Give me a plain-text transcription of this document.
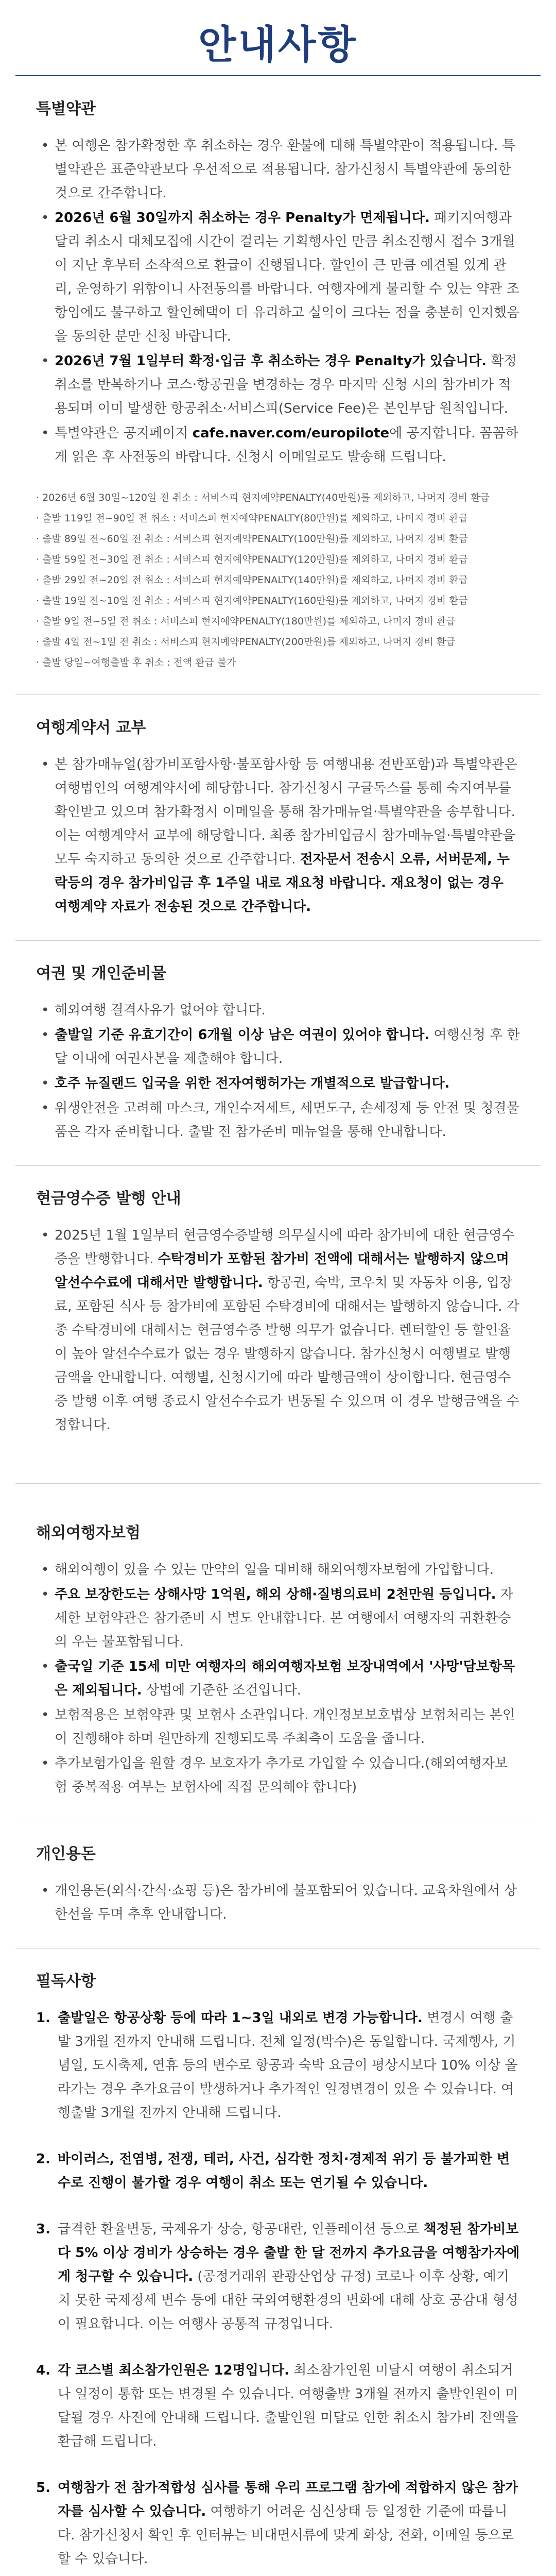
안내사항
특별약관
• 본 여행은 참가확정한 후 취소하는 경우 환불에 대해 특별약관이 적용됩니다. 특별약관은 표준약관보다 우선적으로 적용됩니다. 참가신청시 특별약관에 동의한 것으로 간주합니다.
• 2026년 6월 30일까지 취소하는 경우 Penalty가 면제됩니다. 패키지여행과 달리 취소시 대체모집에 시간이 걸리는 기획행사인 만큼 취소진행시 접수 3개월이 지난 후부터 소작적으로 환급이 진행됩니다. 할인이 큰 만큼 예견될 있게 관리, 운영하기 위함이니 사전동의를 바랍니다. 여행자에게 불리할 수 있는 약관 조항임에도 불구하고 할인혜택이 더 유리하고 실익이 크다는 점을 충분히 인지했음을 동의한 분만 신청 바랍니다.
• 2026년 7월 1일부터 확정·입금 후 취소하는 경우 Penalty가 있습니다. 확정 취소를 반복하거나 코스·항공권을 변경하는 경우 마지막 신청 시의 참가비가 적용되며 이미 발생한 항공취소·서비스피(Service Fee)은 본인부담 원칙입니다.
• 특별약관은 공지페이지 cafe.naver.com/europilote에 공지합니다. 꼼꼼하게 읽은 후 사전동의 바랍니다. 신청시 이메일로도 발송해 드립니다.

· 2026년 6월 30일~120일 전 취소 : 서비스피 현지예약PENALTY(40만원)를 제외하고, 나머지 경비 환급

· 출발 119일 전~90일 전 취소 : 서비스피 현지예약PENALTY(80만원)를 제외하고, 나머지 경비 환급

· 출발 89일 전~60일 전 취소 : 서비스피 현지예약PENALTY(100만원)를 제외하고, 나머지 경비 환급

· 출발 59일 전~30일 전 취소 : 서비스피 현지예약PENALTY(120만원)를 제외하고, 나머지 경비 환급

· 출발 29일 전~20일 전 취소 : 서비스피 현지예약PENALTY(140만원)를 제외하고, 나머지 경비 환급

· 출발 19일 전~10일 전 취소 : 서비스피 현지예약PENALTY(160만원)를 제외하고, 나머지 경비 환급

· 출발 9일 전~5일 전 취소 : 서비스피 현지예약PENALTY(180만원)를 제외하고, 나머지 경비 환급

· 출발 4일 전~1일 전 취소 : 서비스피 현지예약PENALTY(200만원)를 제외하고, 나머지 경비 환급

· 출발 당일~여행출발 후 취소 : 전액 환급 불가

여행계약서 교부
• 본 참가매뉴얼(참가비포함사항·불포함사항 등 여행내용 전반포함)과 특별약관은 여행법인의 여행계약서에 해당합니다. 참가신청시 구글독스를 통해 숙지여부를 확인받고 있으며 참가확정시 이메일을 통해 참가매뉴얼·특별약관을 송부합니다. 이는 여행계약서 교부에 해당합니다. 최종 참가비입금시 참가매뉴얼·특별약관을 모두 숙지하고 동의한 것으로 간주합니다. 전자문서 전송시 오류, 서버문제, 누락등의 경우 참가비입금 후 1주일 내로 재요청 바랍니다. 재요청이 없는 경우 여행계약 자료가 전송된 것으로 간주합니다.
여권 및 개인준비물
• 해외여행 결격사유가 없어야 합니다.
• 출발일 기준 유효기간이 6개월 이상 남은 여권이 있어야 합니다. 여행신청 후 한 달 이내에 여권사본을 제출해야 합니다.
• 호주 뉴질랜드 입국을 위한 전자여행허가는 개별적으로 발급합니다.
• 위생안전을 고려해 마스크, 개인수저세트, 세면도구, 손세정제 등 안전 및 청결물품은 각자 준비합니다. 출발 전 참가준비 매뉴얼을 통해 안내합니다.
현금영수증 발행 안내
• 2025년 1월 1일부터 현금영수증발행 의무실시에 따라 참가비에 대한 현금영수증을 발행합니다. 수탁경비가 포함된 참가비 전액에 대해서는 발행하지 않으며 알선수수료에 대해서만 발행합니다. 항공권, 숙박, 코우치 및 자동차 이용, 입장료, 포함된 식사 등 참가비에 포함된 수탁경비에 대해서는 발행하지 않습니다. 각종 수탁경비에 대해서는 현금영수증 발행 의무가 없습니다. 렌터할인 등 할인율이 높아 알선수수료가 없는 경우 발행하지 않습니다. 참가신청시 여행별로 발행금액을 안내합니다. 여행별, 신청시기에 따라 발행금액이 상이합니다. 현금영수증 발행 이후 여행 종료시 알선수수료가 변동될 수 있으며 이 경우 발행금액을 수정합니다.
해외여행자보험
• 해외여행이 있을 수 있는 만약의 일을 대비해 해외여행자보험에 가입합니다.
• 주요 보장한도는 상해사망 1억원, 해외 상해·질병의료비 2천만원 등입니다. 자세한 보험약관은 참가준비 시 별도 안내합니다. 본 여행에서 여행자의 귀환환승의 우는 불포함됩니다.
• 출국일 기준 15세 미만 여행자의 해외여행자보험 보장내역에서 '사망'담보항목은 제외됩니다. 상법에 기준한 조건입니다.
• 보험적용은 보험약관 및 보험사 소관입니다. 개인정보보호법상 보험처리는 본인이 진행해야 하며 원만하게 진행되도록 주최측이 도움을 줍니다.
• 추가보험가입을 원할 경우 보호자가 추가로 가입할 수 있습니다.(해외여행자보험 중복적용 여부는 보험사에 직접 문의해야 합니다)
개인용돈
• 개인용돈(외식·간식·쇼핑 등)은 참가비에 불포함되어 있습니다. 교육차원에서 상한선을 두며 추후 안내합니다.
필독사항
1. 출발일은 항공상황 등에 따라 1~3일 내외로 변경 가능합니다. 변경시 여행 출발 3개월 전까지 안내해 드립니다. 전체 일정(박수)은 동일합니다. 국제행사, 기념일, 도시축제, 연휴 등의 변수로 항공과 숙박 요금이 평상시보다 10% 이상 올라가는 경우 추가요금이 발생하거나 추가적인 일정변경이 있을 수 있습니다. 여행출발 3개월 전까지 안내해 드립니다.
2. 바이러스, 전염병, 전쟁, 테러, 사건, 심각한 정치·경제적 위기 등 불가피한 변수로 진행이 불가할 경우 여행이 취소 또는 연기될 수 있습니다.
3. 급격한 환율변동, 국제유가 상승, 항공대란, 인플레이션 등으로 책정된 참가비보다 5% 이상 경비가 상승하는 경우 출발 한 달 전까지 추가요금을 여행참가자에게 청구할 수 있습니다. (공정거래위 관광산업상 규정) 코로나 이후 상황, 예기치 못한 국제정세 변수 등에 대한 국외여행환경의 변화에 대해 상호 공감대 형성이 필요합니다. 이는 여행사 공통적 규정입니다.
4. 각 코스별 최소참가인원은 12명입니다. 최소참가인원 미달시 여행이 취소되거나 일정이 통합 또는 변경될 수 있습니다. 여행출발 3개월 전까지 출발인원이 미달될 경우 사전에 안내해 드립니다. 출발인원 미달로 인한 취소시 참가비 전액을 환급해 드립니다.
5. 여행참가 전 참가적합성 심사를 통해 우리 프로그램 참가에 적합하지 않은 참가자를 심사할 수 있습니다. 여행하기 어려운 심신상태 등 일정한 기준에 따릅니다. 참가신청서 확인 후 인터뷰는 비대면서류에 맞게 화상, 전화, 이메일 등으로 할 수 있습니다.
